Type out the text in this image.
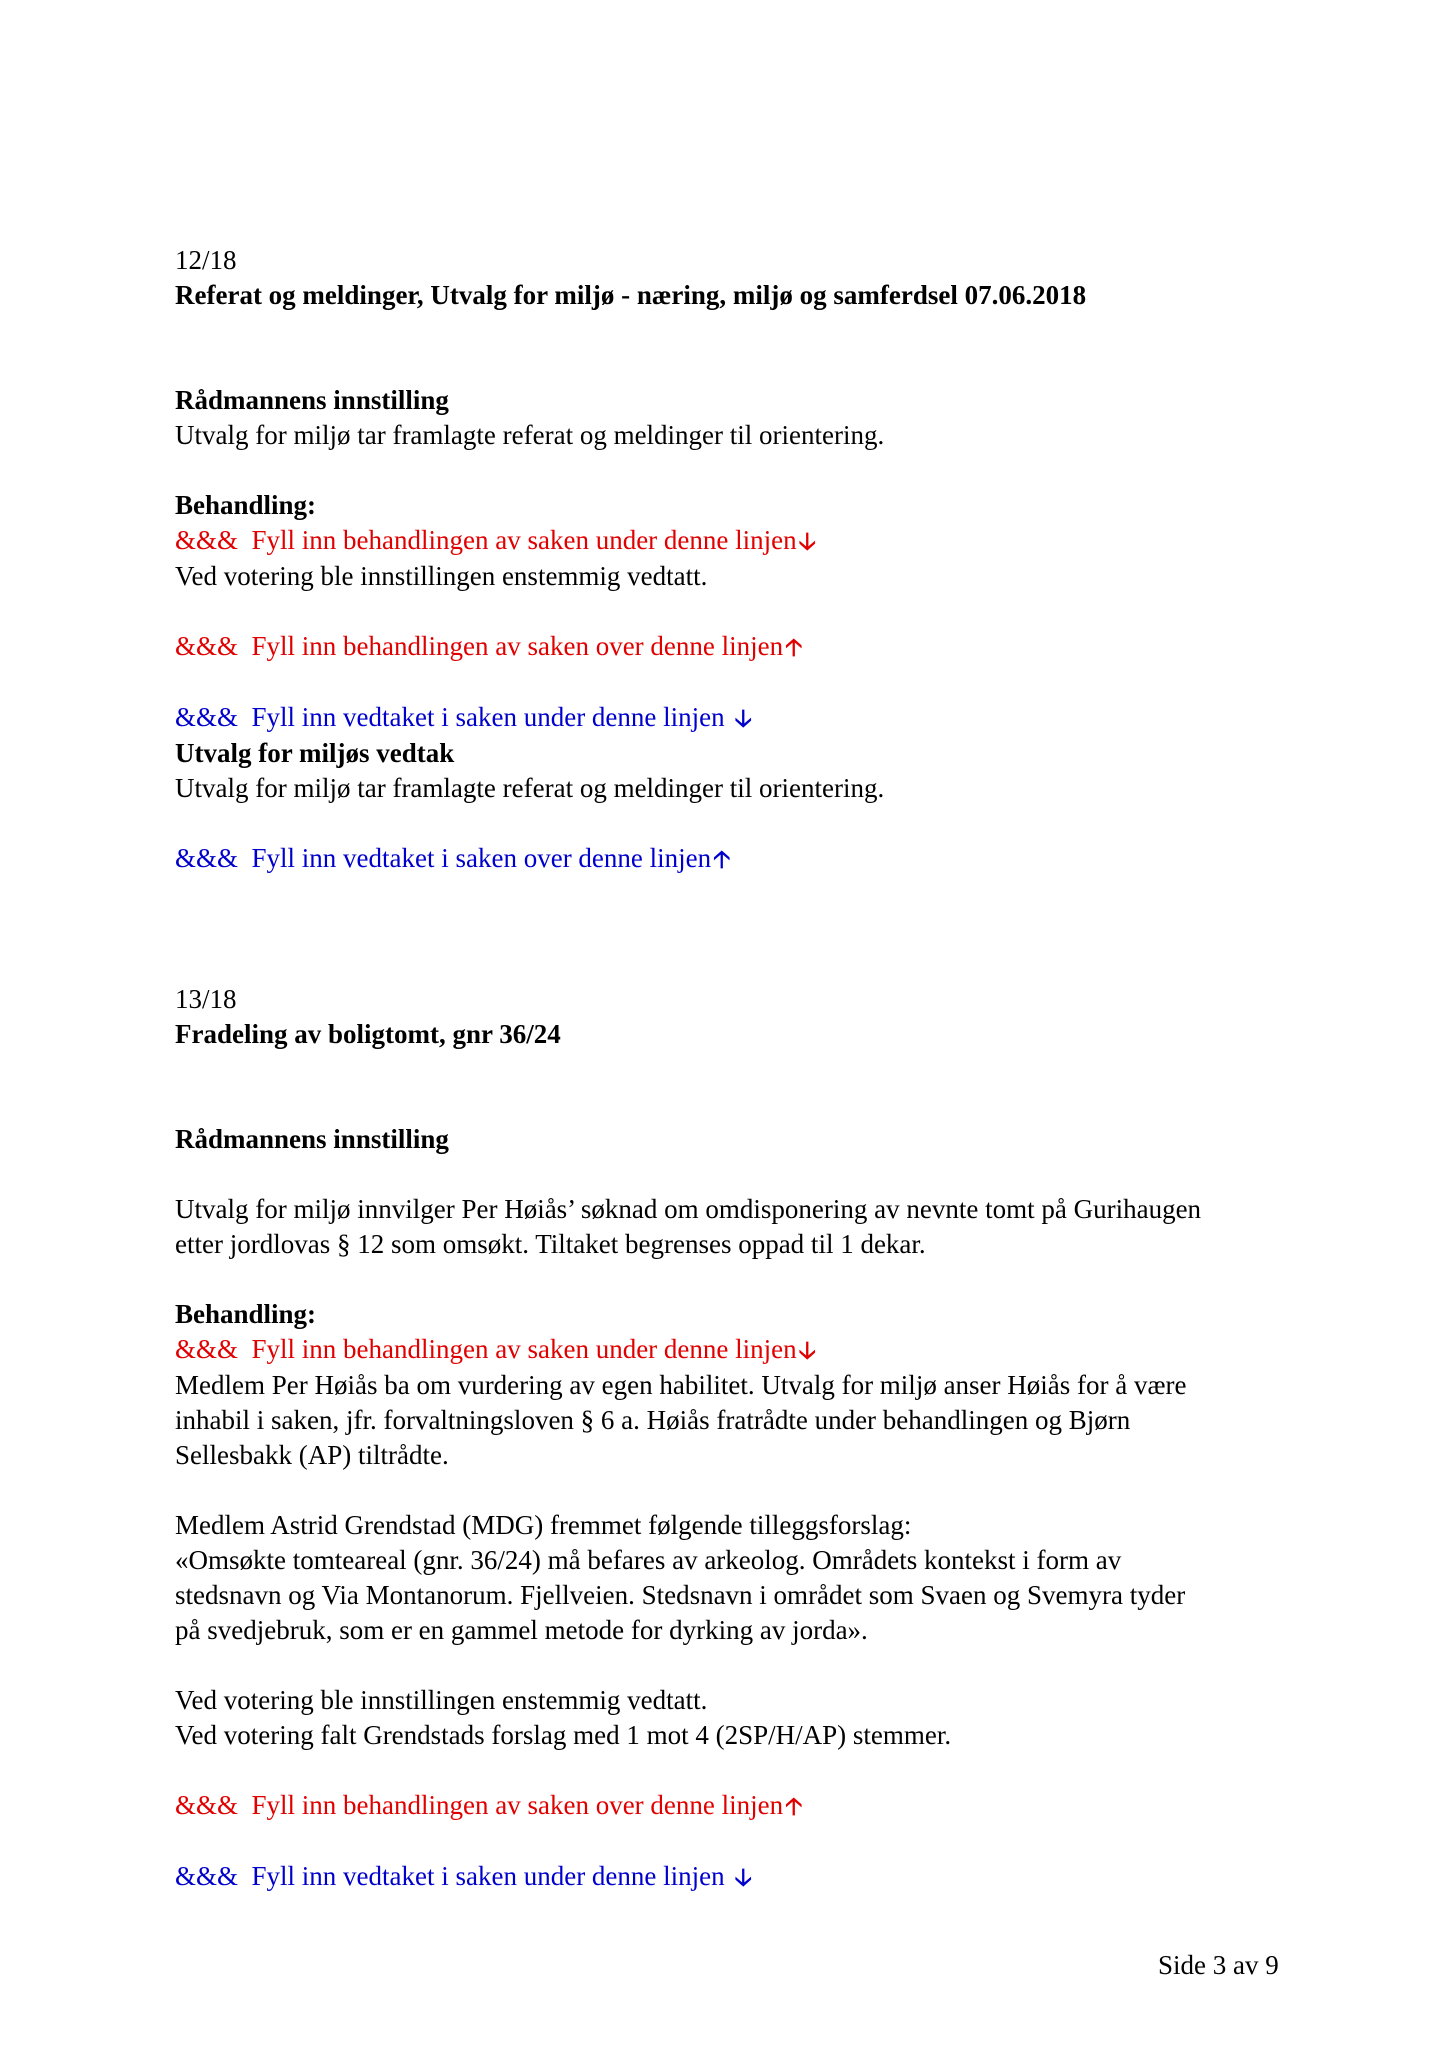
12/18
Referat og meldinger, Utvalg for miljø - næring, miljø og samferdsel 07.06.2018
Rådmannens innstilling
Utvalg for miljø tar framlagte referat og meldinger til orientering.
Behandling:
&&&  Fyll inn behandlingen av saken under denne linjen🡣
Ved votering ble innstillingen enstemmig vedtatt.
&&&  Fyll inn behandlingen av saken over denne linjen🡡
&&&  Fyll inn vedtaket i saken under denne linjen 🡣
Utvalg for miljøs vedtak
Utvalg for miljø tar framlagte referat og meldinger til orientering.
&&&  Fyll inn vedtaket i saken over denne linjen🡡
13/18
Fradeling av boligtomt, gnr 36/24
Rådmannens innstilling
Utvalg for miljø innvilger Per Høiås’ søknad om omdisponering av nevnte tomt på Gurihaugen
etter jordlovas § 12 som omsøkt. Tiltaket begrenses oppad til 1 dekar.
Behandling:
&&&  Fyll inn behandlingen av saken under denne linjen🡣
Medlem Per Høiås ba om vurdering av egen habilitet. Utvalg for miljø anser Høiås for å være
inhabil i saken, jfr. forvaltningsloven § 6 a. Høiås fratrådte under behandlingen og Bjørn
Sellesbakk (AP) tiltrådte.
Medlem Astrid Grendstad (MDG) fremmet følgende tilleggsforslag:
«Omsøkte tomteareal (gnr. 36/24) må befares av arkeolog. Områdets kontekst i form av
stedsnavn og Via Montanorum. Fjellveien. Stedsnavn i området som Svaen og Svemyra tyder
på svedjebruk, som er en gammel metode for dyrking av jorda».
Ved votering ble innstillingen enstemmig vedtatt.
Ved votering falt Grendstads forslag med 1 mot 4 (2SP/H/AP) stemmer.
&&&  Fyll inn behandlingen av saken over denne linjen🡡
&&&  Fyll inn vedtaket i saken under denne linjen 🡣
Side 3 av 9
